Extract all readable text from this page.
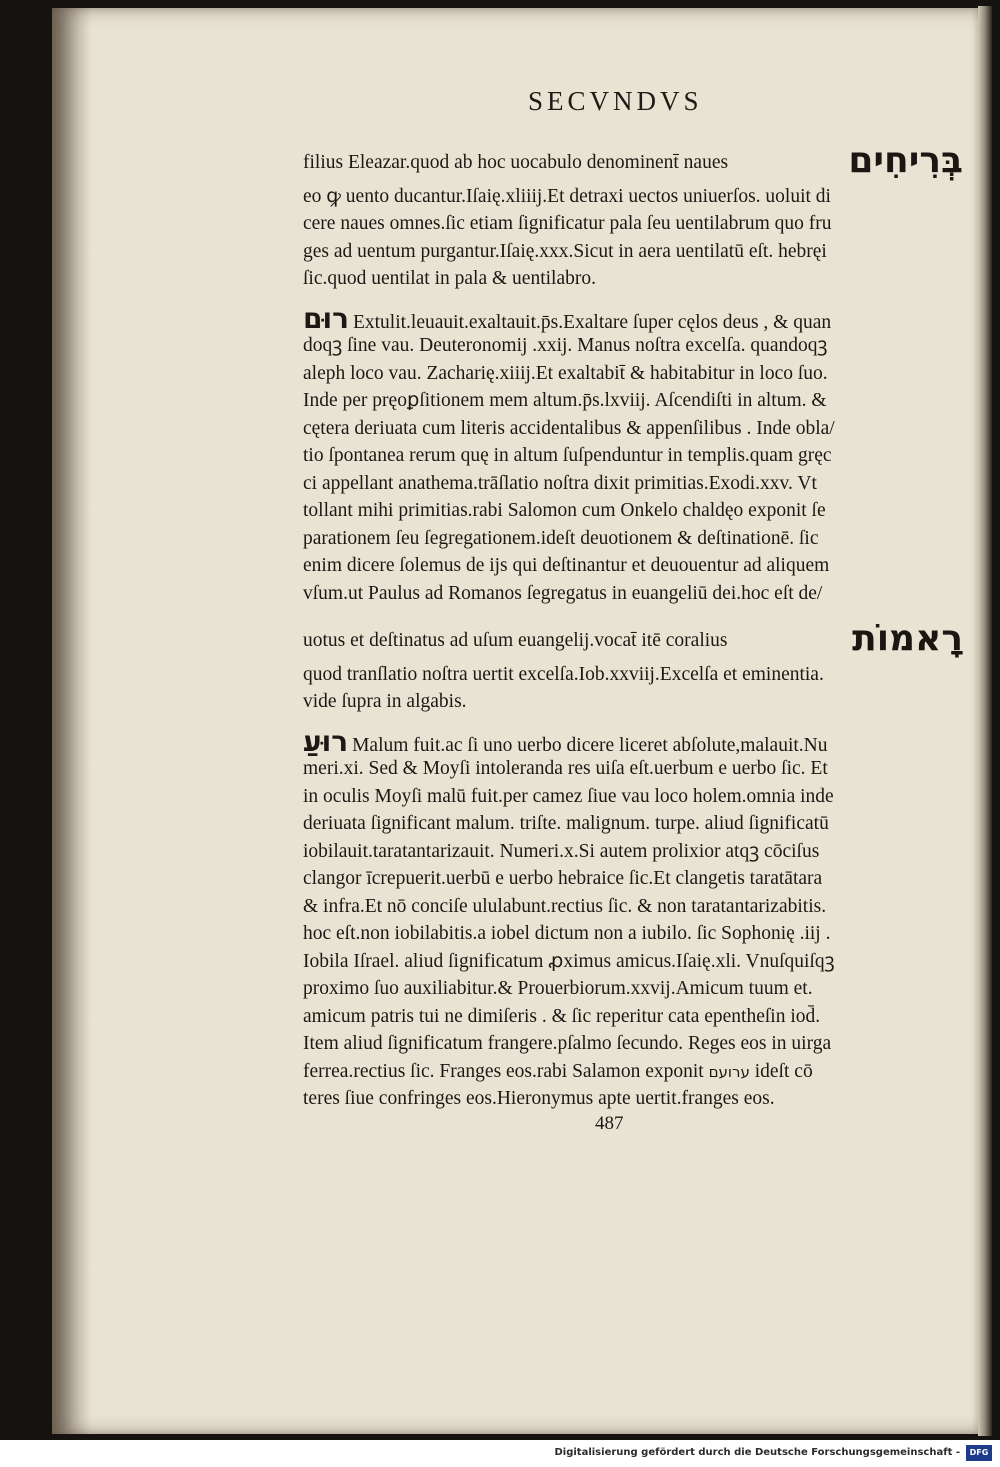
SECVNDVS
בְּרִיחִים
filius Eleazar.quod ab hoc uocabulo denominent̄ naues
eo ꝙ uento ducantur.Iſaię.xliiĳ.Et detraxi uectos uniuerſos. uoluit di
cere naues omnes.ſic etiam ſignificatur pala ſeu uentilabrum quo fru
ges ad uentum purgantur.Iſaię.xxx.Sicut in aera uentilatū eſt. hebręi
ſic.quod uentilat in pala & uentilabro.
רוּם Extulit.leuauit.exaltauit.p̄s.Exaltare ſuper cęlos deus , & quan
doqꝫ ſine vau. Deuteronomĳ .xxĳ. Manus noſtra excelſa. quandoqꝫ
aleph loco vau. Zacharię.xiiĳ.Et exaltabit̄ & habitabitur in loco ſuo.
Inde per pręoꝑſitionem mem altum.p̄s.lxviĳ. Aſcendiſti in altum. &
cętera deriuata cum literis accidentalibus & appenſilibus . Inde obla/
tio ſpontanea rerum quę in altum ſuſpenduntur in templis.quam gręc
ci appellant anathema.trāſlatio noſtra dixit primitias.Exodi.xxv. Vt
tollant mihi primitias.rabi Salomon cum Onkelo chaldęo exponit ſe
parationem ſeu ſegregationem.ideſt deuotionem & deſtinationē. ſic
enim dicere ſolemus de ĳs qui deſtinantur et deuouentur ad aliquem
vſum.ut Paulus ad Romanos ſegregatus in euangeliū dei.hoc eſt de/
רָאמוֹת
uotus et deſtinatus ad uſum euangelĳ.vocat̄ itē coralius
quod tranſlatio noſtra uertit excelſa.Iob.xxviĳ.Excelſa et eminentia.
vide ſupra in algabis.
רוּעַ Malum fuit.ac ſi uno uerbo dicere liceret abſolute,malauit.Nu
meri.xi. Sed & Moyſi intoleranda res uiſa eſt.uerbum e uerbo ſic. Et
in oculis Moyſi malū fuit.per camez ſiue vau loco holem.omnia inde
deriuata ſignificant malum. triſte. malignum. turpe. aliud ſignificatū
iobilauit.taratantarizauit. Numeri.x.Si autem prolixior atqꝫ cōciſus
clangor īcrepuerit.uerbū e uerbo hebraice ſic.Et clangetis taratātara
& infra.Et nō conciſe ululabunt.rectius ſic. & non taratantarizabitis.
hoc eſt.non iobilabitis.a iobel dictum non a iubilo. ſic Sophonię .iĳ .
Iobila Iſrael. aliud ſignificatum ꝓximus amicus.Iſaię.xli. Vnuſquiſqꝫ
proximo ſuo auxiliabitur.& Prouerbiorum.xxvĳ.Amicum tuum et.
amicum patris tui ne dimiſeris . & ſic reperitur cata epentheſin iod̄.
Item aliud ſignificatum frangere.pſalmo ſecundo. Reges eos in uirga
ferrea.rectius ſic. Franges eos.rabi Salamon exponit ערועם ideſt cō
teres ſiue confringes eos.Hieronymus apte uertit.franges eos.
487
Digitalisierung gefördert durch die Deutsche Forschungsgemeinschaft -	DFG
